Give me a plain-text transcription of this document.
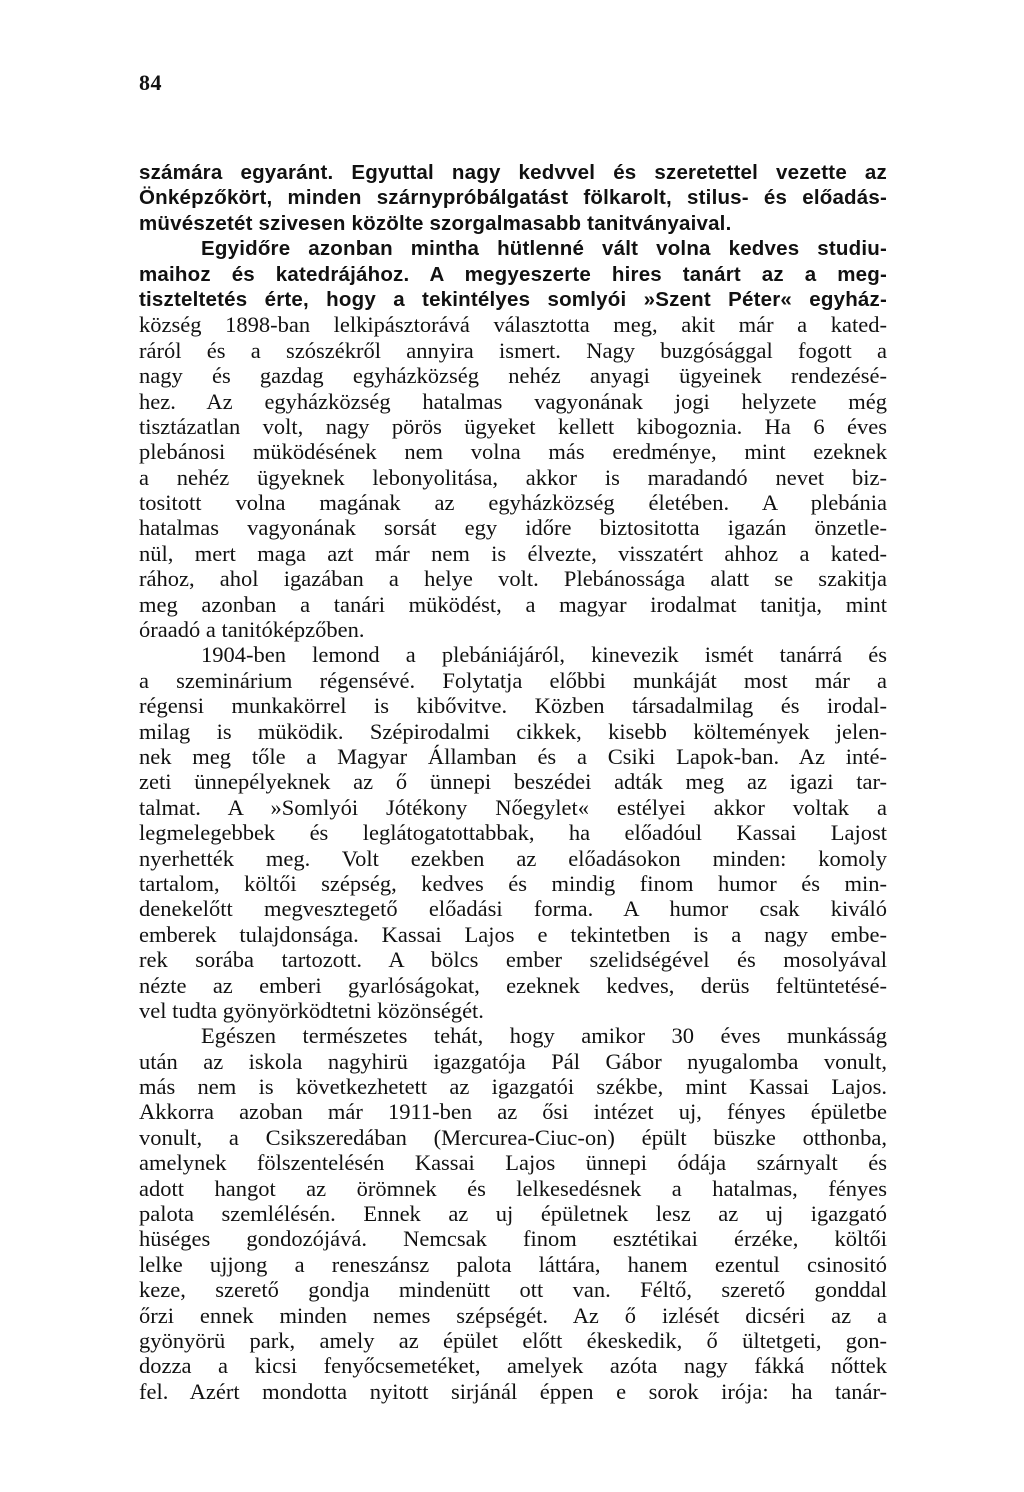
84
számára egyaránt. Egyuttal nagy kedvvel és szeretettel vezette az
Önképzőkört, minden szárnypróbálgatást fölkarolt, stilus- és előadás-
müvészetét szivesen közölte szorgalmasabb tanitványaival.
Egyidőre azonban mintha hütlenné vált volna kedves studiu-
maihoz és katedrájához. A megyeszerte hires tanárt az a meg-
tiszteltetés érte, hogy a tekintélyes somlyói »Szent Péter« egyház-
község 1898-ban lelkipásztorává választotta meg, akit már a kated-
ráról és a szószékről annyira ismert. Nagy buzgósággal fogott a
nagy és gazdag egyházközség nehéz anyagi ügyeinek rendezésé-
hez. Az egyházközség hatalmas vagyonának jogi helyzete még
tisztázatlan volt, nagy pörös ügyeket kellett kibogoznia. Ha 6 éves
plebánosi müködésének nem volna más eredménye, mint ezeknek
a nehéz ügyeknek lebonyolitása, akkor is maradandó nevet biz-
tositott volna magának az egyházközség életében. A plebánia
hatalmas vagyonának sorsát egy időre biztositotta igazán önzetle-
nül, mert maga azt már nem is élvezte, visszatért ahhoz a kated-
rához, ahol igazában a helye volt. Plebánossága alatt se szakitja
meg azonban a tanári müködést, a magyar irodalmat tanitja, mint
óraadó a tanitóképzőben.
1904-ben lemond a plebániájáról, kinevezik ismét tanárrá és
a szeminárium régensévé. Folytatja előbbi munkáját most már a
régensi munkakörrel is kibővitve. Közben társadalmilag és irodal-
milag is müködik. Szépirodalmi cikkek, kisebb költemények jelen-
nek meg tőle a Magyar Államban és a Csiki Lapok-ban. Az inté-
zeti ünnepélyeknek az ő ünnepi beszédei adták meg az igazi tar-
talmat. A »Somlyói Jótékony Nőegylet« estélyei akkor voltak a
legmelegebbek és leglátogatottabbak, ha előadóul Kassai Lajost
nyerhették meg. Volt ezekben az előadásokon minden: komoly
tartalom, költői szépség, kedves és mindig finom humor és min-
denekelőtt megvesztegető előadási forma. A humor csak kiváló
emberek tulajdonsága. Kassai Lajos e tekintetben is a nagy embe-
rek sorába tartozott. A bölcs ember szelidségével és mosolyával
nézte az emberi gyarlóságokat, ezeknek kedves, derüs feltüntetésé-
vel tudta gyönyörködtetni közönségét.
Egészen természetes tehát, hogy amikor 30 éves munkásság
után az iskola nagyhirü igazgatója Pál Gábor nyugalomba vonult,
más nem is következhetett az igazgatói székbe, mint Kassai Lajos.
Akkorra azoban már 1911-ben az ősi intézet uj, fényes épületbe
vonult, a Csikszeredában (Mercurea-Ciuc-on) épült büszke otthonba,
amelynek fölszentelésén Kassai Lajos ünnepi ódája szárnyalt és
adott hangot az örömnek és lelkesedésnek a hatalmas, fényes
palota szemlélésén. Ennek az uj épületnek lesz az uj igazgató
hüséges gondozójává. Nemcsak finom esztétikai érzéke, költői
lelke ujjong a reneszánsz palota láttára, hanem ezentul csinositó
keze, szerető gondja mindenütt ott van. Féltő, szerető gonddal
őrzi ennek minden nemes szépségét. Az ő izlését dicséri az a
gyönyörü park, amely az épület előtt ékeskedik, ő ültetgeti, gon-
dozza a kicsi fenyőcsemetéket, amelyek azóta nagy fákká nőttek
fel. Azért mondotta nyitott sirjánál éppen e sorok irója: ha tanár-
